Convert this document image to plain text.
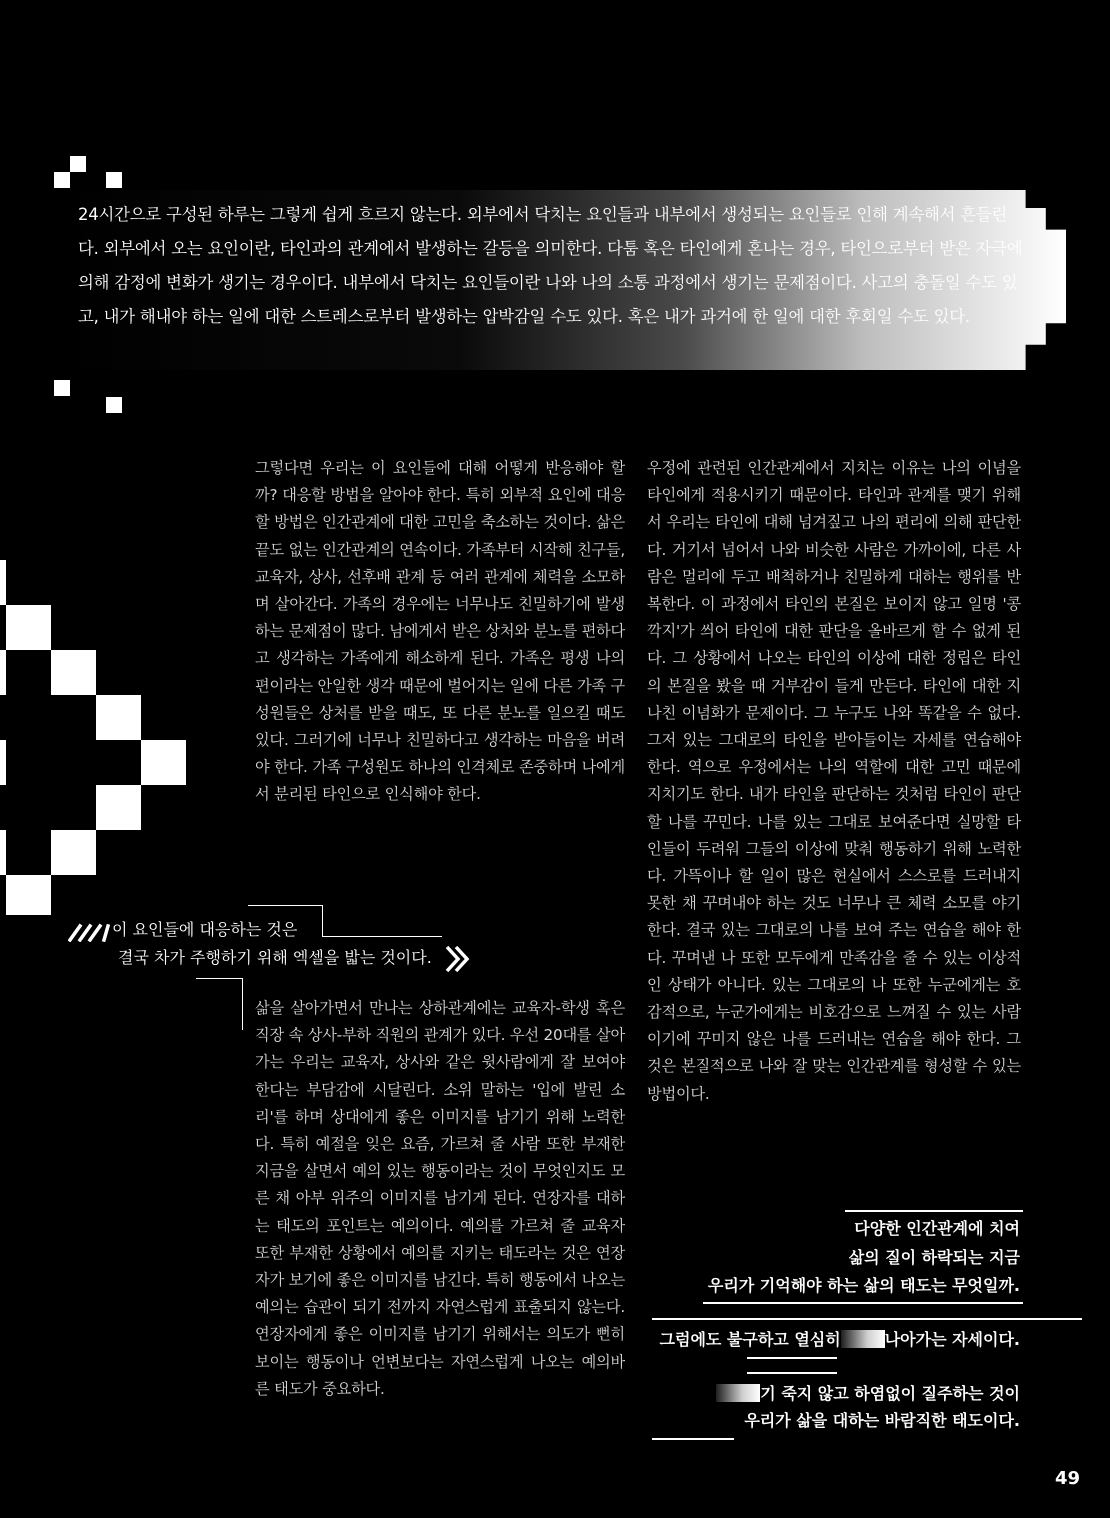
24시간으로 구성된 하루는 그렇게 쉽게 흐르지 않는다. 외부에서 닥치는 요인들과 내부에서 생성되는 요인들로 인해 계속해서 흔들린다. 외부에서 오는 요인이란, 타인과의 관계에서 발생하는 갈등을 의미한다. 다툼 혹은 타인에게 혼나는 경우, 타인으로부터 받은 자극에 의해 감정에 변화가 생기는 경우이다. 내부에서 닥치는 요인들이란 나와 나의 소통 과정에서 생기는 문제점이다. 사고의 충돌일 수도 있고, 내가 해내야 하는 일에 대한 스트레스로부터 발생하는 압박감일 수도 있다. 혹은 내가 과거에 한 일에 대한 후회일 수도 있다.

그렇다면 우리는 이 요인들에 대해 어떻게 반응해야 할까? 대응할 방법을 알아야 한다. 특히 외부적 요인에 대응할 방법은 인간관계에 대한 고민을 축소하는 것이다. 삶은 끝도 없는 인간관계의 연속이다. 가족부터 시작해 친구들, 교육자, 상사, 선후배 관계 등 여러 관계에 체력을 소모하며 살아간다. 가족의 경우에는 너무나도 친밀하기에 발생하는 문제점이 많다. 남에게서 받은 상처와 분노를 편하다고 생각하는 가족에게 해소하게 된다. 가족은 평생 나의 편이라는 안일한 생각 때문에 벌어지는 일에 다른 가족 구성원들은 상처를 받을 때도, 또 다른 분노를 일으킬 때도 있다. 그러기에 너무나 친밀하다고 생각하는 마음을 버려야 한다. 가족 구성원도 하나의 인격체로 존중하며 나에게서 분리된 타인으로 인식해야 한다.

삶을 살아가면서 만나는 상하관계에는 교육자-학생 혹은 직장 속 상사-부하 직원의 관계가 있다. 우선 20대를 살아가는 우리는 교육자, 상사와 같은 윗사람에게 잘 보여야 한다는 부담감에 시달린다. 소위 말하는 '입에 발린 소리'를 하며 상대에게 좋은 이미지를 남기기 위해 노력한다. 특히 예절을 잊은 요즘, 가르쳐 줄 사람 또한 부재한 지금을 살면서 예의 있는 행동이라는 것이 무엇인지도 모른 채 아부 위주의 이미지를 남기게 된다. 연장자를 대하는 태도의 포인트는 예의이다. 예의를 가르쳐 줄 교육자 또한 부재한 상황에서 예의를 지키는 태도라는 것은 연장자가 보기에 좋은 이미지를 남긴다. 특히 행동에서 나오는 예의는 습관이 되기 전까지 자연스럽게 표출되지 않는다. 연장자에게 좋은 이미지를 남기기 위해서는 의도가 뻔히 보이는 행동이나 언변보다는 자연스럽게 나오는 예의바른 태도가 중요하다.

우정에 관련된 인간관계에서 지치는 이유는 나의 이념을 타인에게 적용시키기 때문이다. 타인과 관계를 맺기 위해서 우리는 타인에 대해 넘겨짚고 나의 편리에 의해 판단한다. 거기서 넘어서 나와 비슷한 사람은 가까이에, 다른 사람은 멀리에 두고 배척하거나 친밀하게 대하는 행위를 반복한다. 이 과정에서 타인의 본질은 보이지 않고 일명 '콩깍지'가 씌어 타인에 대한 판단을 올바르게 할 수 없게 된다. 그 상황에서 나오는 타인의 이상에 대한 정립은 타인의 본질을 봤을 때 거부감이 들게 만든다. 타인에 대한 지나친 이념화가 문제이다. 그 누구도 나와 똑같을 수 없다. 그저 있는 그대로의 타인을 받아들이는 자세를 연습해야 한다. 역으로 우정에서는 나의 역할에 대한 고민 때문에 지치기도 한다. 내가 타인을 판단하는 것처럼 타인이 판단할 나를 꾸민다. 나를 있는 그대로 보여준다면 실망할 타인들이 두려워 그들의 이상에 맞춰 행동하기 위해 노력한다. 가뜩이나 할 일이 많은 현실에서 스스로를 드러내지 못한 채 꾸며내야 하는 것도 너무나 큰 체력 소모를 야기한다. 결국 있는 그대로의 나를 보여 주는 연습을 해야 한다. 꾸며낸 나 또한 모두에게 만족감을 줄 수 있는 이상적인 상태가 아니다. 있는 그대로의 나 또한 누군에게는 호감적으로, 누군가에게는 비호감으로 느껴질 수 있는 사람이기에 꾸미지 않은 나를 드러내는 연습을 해야 한다. 그것은 본질적으로 나와 잘 맞는 인간관계를 형성할 수 있는 방법이다.

이 요인들에 대응하는 것은
결국 차가 주행하기 위해 엑셀을 밟는 것이다.
다양한 인간관계에 치여
삶의 질이 하락되는 지금
우리가 기억해야 하는 삶의 태도는 무엇일까.
그럼에도 불구하고 열심히	나아가는 자세이다.
기 죽지 않고 하염없이 질주하는 것이
우리가 삶을 대하는 바람직한 태도이다.
49
